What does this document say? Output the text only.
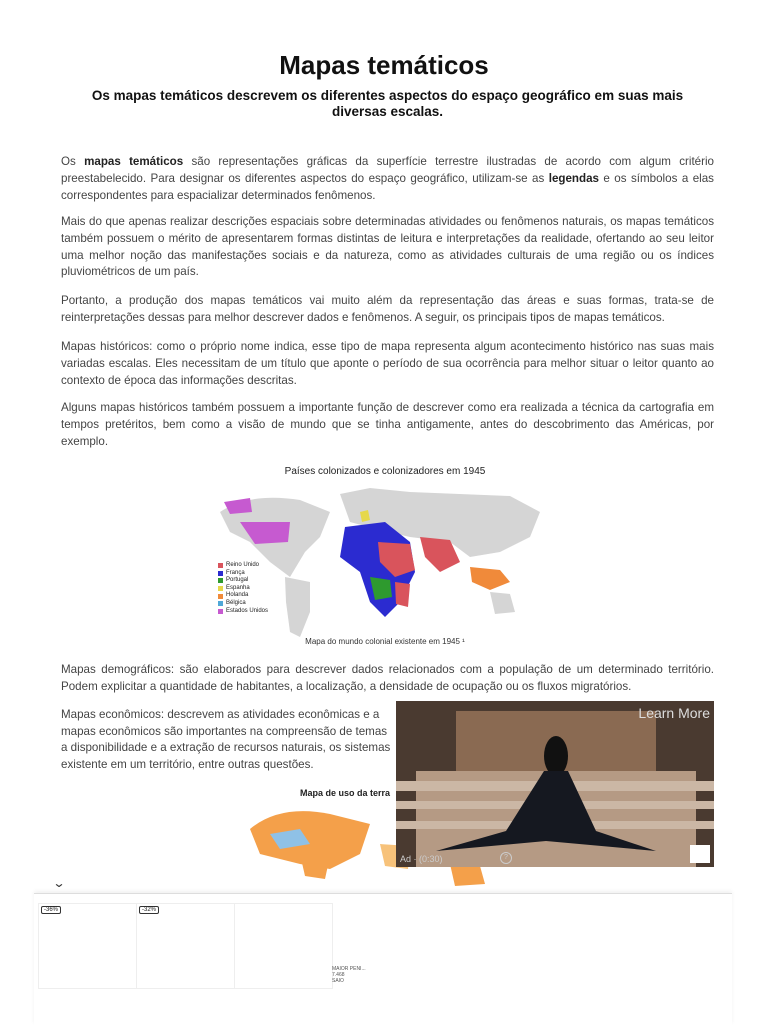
Mapas temáticos

Os mapas temáticos descrevem os diferentes aspectos do espaço geográfico em suas mais diversas escalas.

Os mapas temáticos são representações gráficas da superfície terrestre ilustradas de acordo com algum critério preestabelecido. Para designar os diferentes aspectos do espaço geográfico, utilizam-se as legendas e os símbolos a elas correspondentes para espacializar determinados fenômenos.

Mais do que apenas realizar descrições espaciais sobre determinadas atividades ou fenômenos naturais, os mapas temáticos também possuem o mérito de apresentarem formas distintas de leitura e interpretações da realidade, ofertando ao seu leitor uma melhor noção das manifestações sociais e da natureza, como as atividades culturais de uma região ou os índices pluviométricos de um país.

Portanto, a produção dos mapas temáticos vai muito além da representação das áreas e suas formas, trata-se de reinterpretações dessas para melhor descrever dados e fenômenos. A seguir, os principais tipos de mapas temáticos.

Mapas históricos: como o próprio nome indica, esse tipo de mapa representa algum acontecimento histórico nas suas mais variadas escalas. Eles necessitam de um título que aponte o período de sua ocorrência para melhor situar o leitor quanto ao contexto de época das informações descritas.

Alguns mapas históricos também possuem a importante função de descrever como era realizada a técnica da cartografia em tempos pretéritos, bem como a visão de mundo que se tinha antigamente, antes do descobrimento das Américas, por exemplo.

Países colonizados e colonizadores em 1945
Reino Unido
França
Portugal
Espanha
Holanda
Bélgica
Estados Unidos
Mapa do mundo colonial existente em 1945 ¹

Mapas demográficos: são elaborados para descrever dados relacionados com a população de um determinado território. Podem explicitar a quantidade de habitantes, a localização, a densidade de ocupação ou os fluxos migratórios.

Mapas econômicos: descrevem as atividades econômicas e a

mapas econômicos são importantes na compreensão de temas

a disponibilidade e a extração de recursos naturais, os sistemas

existente em um território, entre outras questões.

Mapa de uso da terra
Learn More
Ad · (0:30)	?
⌄
-36%	-32%
MAIOR PENI...
7.468
SAIO
